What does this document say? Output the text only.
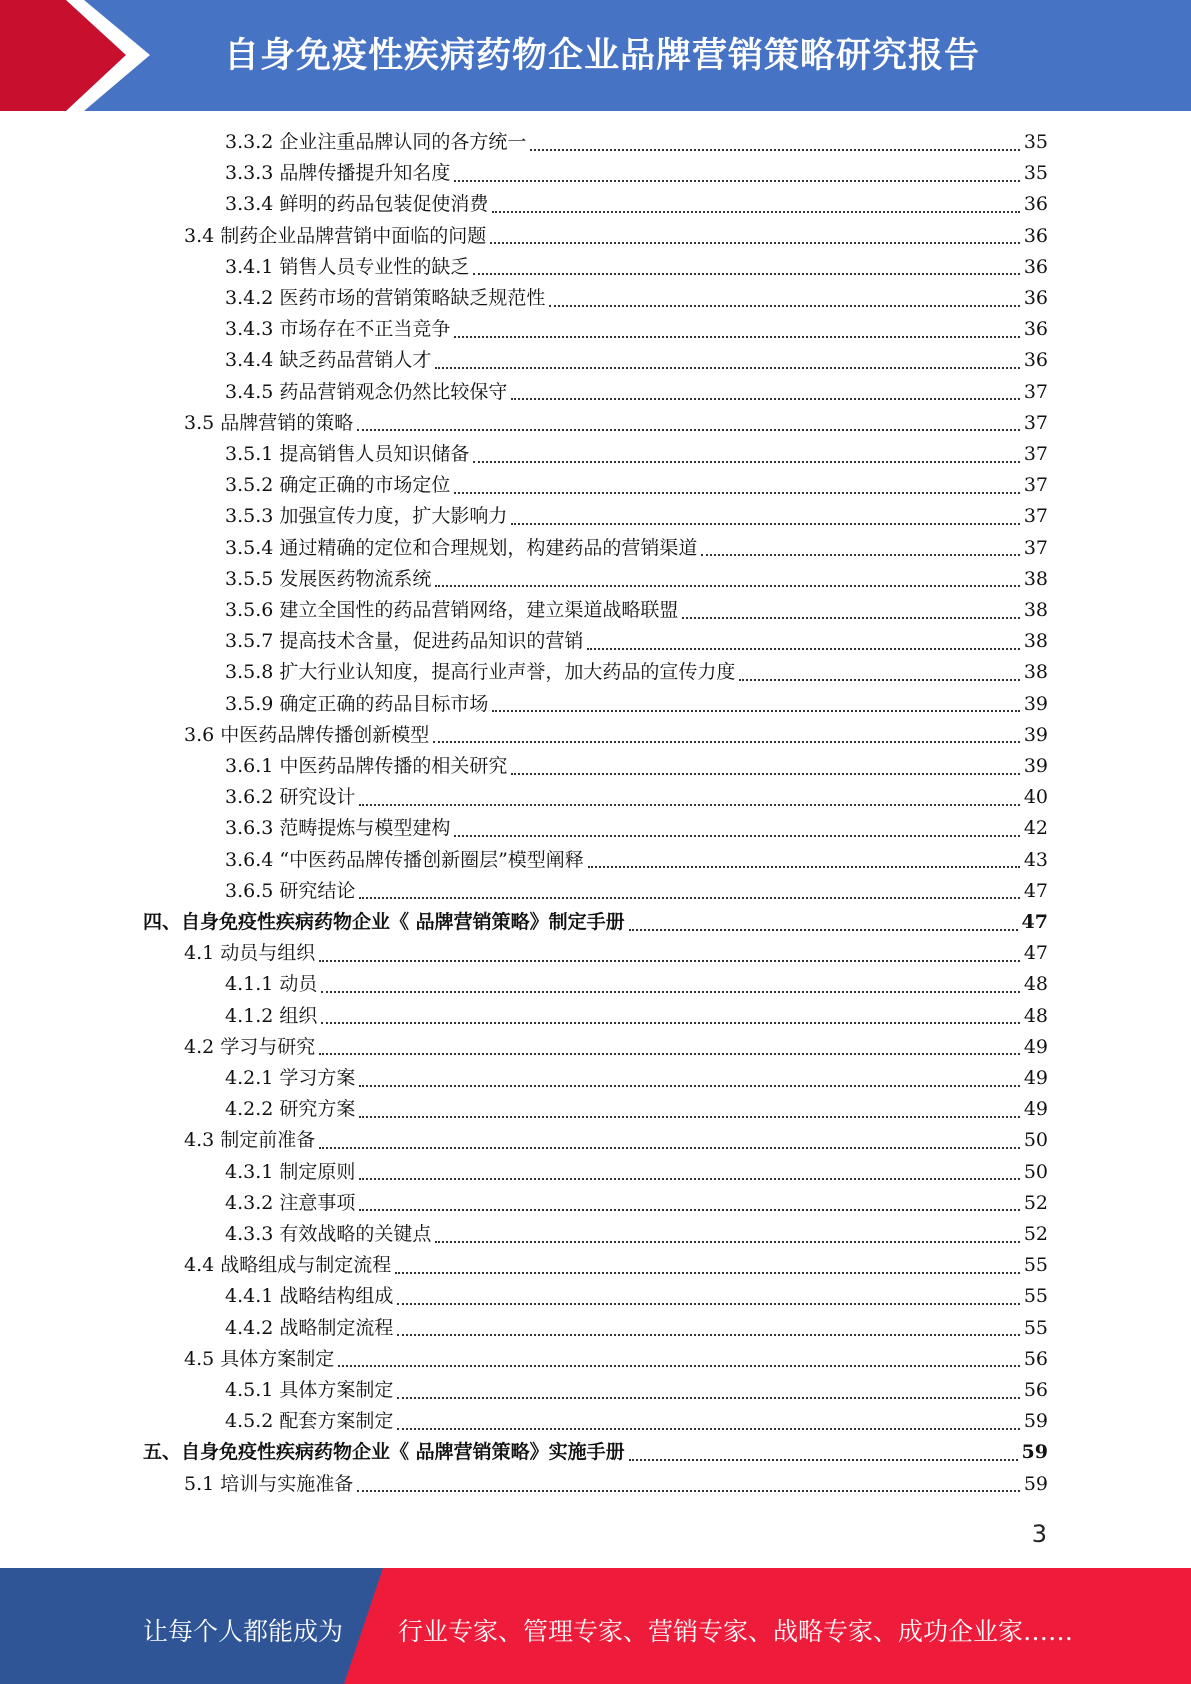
自身免疫性疾病药物企业品牌营销策略研究报告
3.3.2 企业注重品牌认同的各方统一	35
3.3.3 品牌传播提升知名度	35
3.3.4 鲜明的药品包装促使消费	36
3.4 制药企业品牌营销中面临的问题	36
3.4.1 销售人员专业性的缺乏	36
3.4.2 医药市场的营销策略缺乏规范性	36
3.4.3 市场存在不正当竞争	36
3.4.4 缺乏药品营销人才	36
3.4.5 药品营销观念仍然比较保守	37
3.5 品牌营销的策略	37
3.5.1 提高销售人员知识储备	37
3.5.2 确定正确的市场定位	37
3.5.3 加强宣传力度，扩大影响力	37
3.5.4 通过精确的定位和合理规划，构建药品的营销渠道	37
3.5.5 发展医药物流系统	38
3.5.6 建立全国性的药品营销网络，建立渠道战略联盟	38
3.5.7 提高技术含量，促进药品知识的营销	38
3.5.8 扩大行业认知度，提高行业声誉，加大药品的宣传力度	38
3.5.9 确定正确的药品目标市场	39
3.6 中医药品牌传播创新模型	39
3.6.1 中医药品牌传播的相关研究	39
3.6.2 研究设计	40
3.6.3 范畴提炼与模型建构	42
3.6.4 “中医药品牌传播创新圈层”模型阐释	43
3.6.5 研究结论	47
四、自身免疫性疾病药物企业《 品牌营销策略》制定手册	47
4.1 动员与组织	47
4.1.1 动员	48
4.1.2 组织	48
4.2 学习与研究	49
4.2.1 学习方案	49
4.2.2 研究方案	49
4.3 制定前准备	50
4.3.1 制定原则	50
4.3.2 注意事项	52
4.3.3 有效战略的关键点	52
4.4 战略组成与制定流程	55
4.4.1 战略结构组成	55
4.4.2 战略制定流程	55
4.5 具体方案制定	56
4.5.1 具体方案制定	56
4.5.2 配套方案制定	59
五、自身免疫性疾病药物企业《 品牌营销策略》实施手册	59
5.1 培训与实施准备	59
3
让每个人都能成为 行业专家、管理专家、营销专家、战略专家、成功企业家……
